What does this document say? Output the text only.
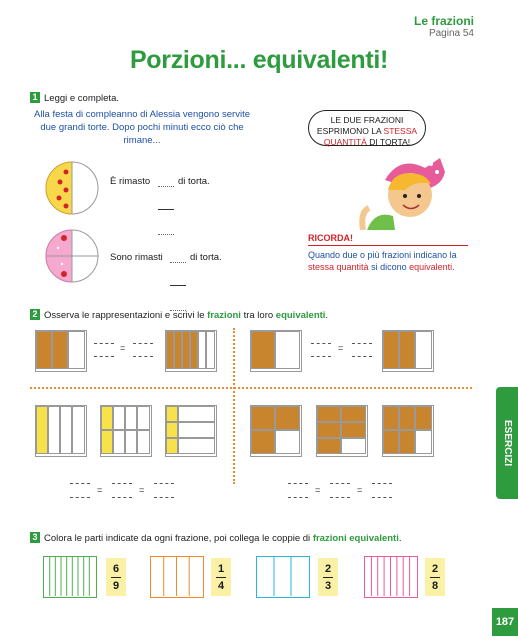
Le frazioni
Pagina 54
Porzioni... equivalenti!
1 Leggi e completa.
Alla festa di compleanno di Alessia vengono servite due grandi torte. Dopo pochi minuti ecco ciò che rimane...
LE DUE FRAZIONI
ESPRIMONO LA STESSA
QUANTITÀ DI TORTA!
È rimasto	di torta.
Sono rimasti	di torta.
RICORDA!
Quando due o più frazioni indicano la stessa quantità si dicono equivalenti.
2 Osserva le rappresentazioni e scrivi le frazioni tra loro equivalenti.
=	=
=	=	=	=
ESERCIZI
187
3 Colora le parti indicate da ogni frazione, poi collega le coppie di frazioni equivalenti.
6
9
1
4
2
3
2
8
